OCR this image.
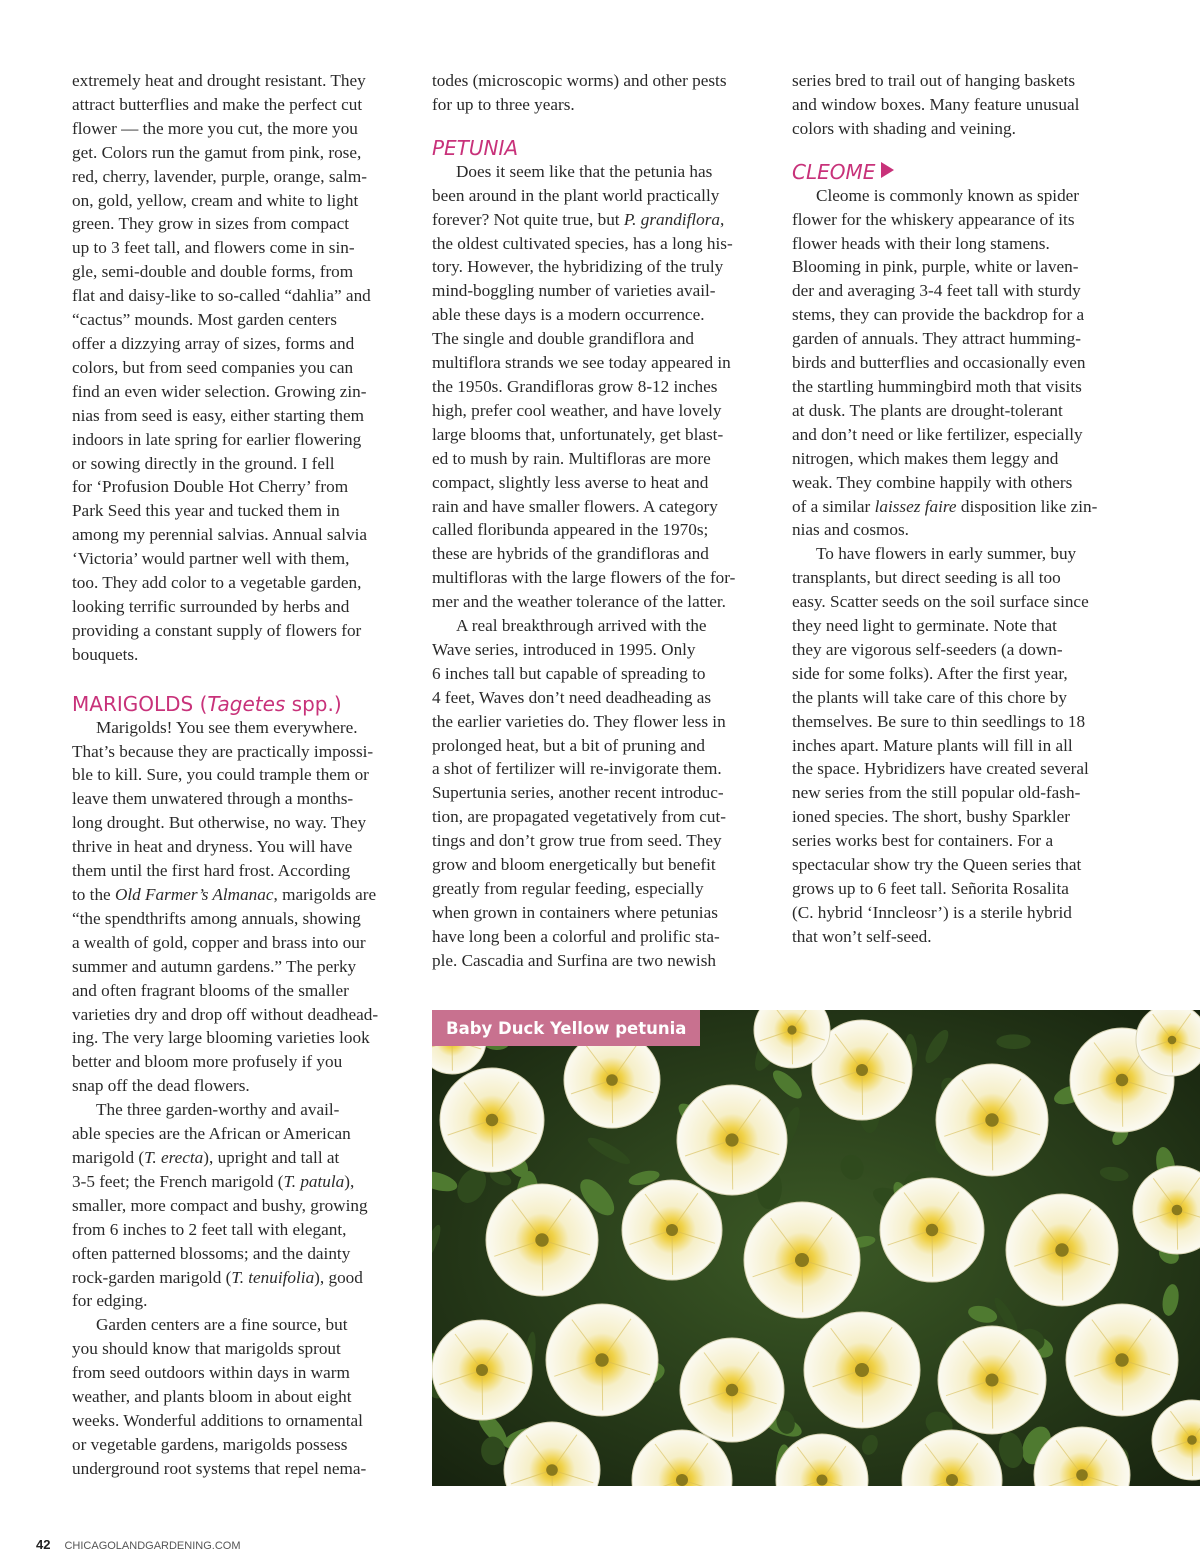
extremely heat and drought resistant. They
attract butterflies and make the perfect cut
flower — the more you cut, the more you
get. Colors run the gamut from pink, rose,
red, cherry, lavender, purple, orange, salm-
on, gold, yellow, cream and white to light
green. They grow in sizes from compact
up to 3 feet tall, and flowers come in sin-
gle, semi-double and double forms, from
flat and daisy-like to so-called “dahlia” and
“cactus” mounds. Most garden centers
offer a dizzying array of sizes, forms and
colors, but from seed companies you can
find an even wider selection. Growing zin-
nias from seed is easy, either starting them
indoors in late spring for earlier flowering
or sowing directly in the ground. I fell
for ‘Profusion Double Hot Cherry’ from
Park Seed this year and tucked them in
among my perennial salvias. Annual salvia
‘Victoria’ would partner well with them,
too. They add color to a vegetable garden,
looking terrific surrounded by herbs and
providing a constant supply of flowers for
bouquets.
MARIGOLDS (Tagetes spp.)
Marigolds! You see them everywhere.
That’s because they are practically impossi-
ble to kill. Sure, you could trample them or
leave them unwatered through a months-
long drought. But otherwise, no way. They
thrive in heat and dryness. You will have
them until the first hard frost. According
to the Old Farmer’s Almanac, marigolds are
“the spendthrifts among annuals, showing
a wealth of gold, copper and brass into our
summer and autumn gardens.” The perky
and often fragrant blooms of the smaller
varieties dry and drop off without deadhead-
ing. The very large blooming varieties look
better and bloom more profusely if you
snap off the dead flowers.
The three garden-worthy and avail-
able species are the African or American
marigold (T. erecta), upright and tall at
3-5 feet; the French marigold (T. patula),
smaller, more compact and bushy, growing
from 6 inches to 2 feet tall with elegant,
often patterned blossoms; and the dainty
rock-garden marigold (T. tenuifolia), good
for edging.
Garden centers are a fine source, but
you should know that marigolds sprout
from seed outdoors within days in warm
weather, and plants bloom in about eight
weeks. Wonderful additions to ornamental
or vegetable gardens, marigolds possess
underground root systems that repel nema-
todes (microscopic worms) and other pests
for up to three years.
PETUNIA
Does it seem like that the petunia has
been around in the plant world practically
forever? Not quite true, but P. grandiflora,
the oldest cultivated species, has a long his-
tory. However, the hybridizing of the truly
mind-boggling number of varieties avail-
able these days is a modern occurrence.
The single and double grandiflora and
multiflora strands we see today appeared in
the 1950s. Grandifloras grow 8-12 inches
high, prefer cool weather, and have lovely
large blooms that, unfortunately, get blast-
ed to mush by rain. Multifloras are more
compact, slightly less averse to heat and
rain and have smaller flowers. A category
called floribunda appeared in the 1970s;
these are hybrids of the grandifloras and
multifloras with the large flowers of the for-
mer and the weather tolerance of the latter.
A real breakthrough arrived with the
Wave series, introduced in 1995. Only
6 inches tall but capable of spreading to
4 feet, Waves don’t need deadheading as
the earlier varieties do. They flower less in
prolonged heat, but a bit of pruning and
a shot of fertilizer will re-invigorate them.
Supertunia series, another recent introduc-
tion, are propagated vegetatively from cut-
tings and don’t grow true from seed. They
grow and bloom energetically but benefit
greatly from regular feeding, especially
when grown in containers where petunias
have long been a colorful and prolific sta-
ple. Cascadia and Surfina are two newish
series bred to trail out of hanging baskets
and window boxes. Many feature unusual
colors with shading and veining.
CLEOME
Cleome is commonly known as spider
flower for the whiskery appearance of its
flower heads with their long stamens.
Blooming in pink, purple, white or laven-
der and averaging 3-4 feet tall with sturdy
stems, they can provide the backdrop for a
garden of annuals. They attract humming-
birds and butterflies and occasionally even
the startling hummingbird moth that visits
at dusk. The plants are drought-tolerant
and don’t need or like fertilizer, especially
nitrogen, which makes them leggy and
weak. They combine happily with others
of a similar laissez faire disposition like zin-
nias and cosmos.
To have flowers in early summer, buy
transplants, but direct seeding is all too
easy. Scatter seeds on the soil surface since
they need light to germinate. Note that
they are vigorous self-seeders (a down-
side for some folks). After the first year,
the plants will take care of this chore by
themselves. Be sure to thin seedlings to 18
inches apart. Mature plants will fill in all
the space. Hybridizers have created several
new series from the still popular old-fash-
ioned species. The short, bushy Sparkler
series works best for containers. For a
spectacular show try the Queen series that
grows up to 6 feet tall. Señorita Rosalita
(C. hybrid ‘Inncleosr’) is a sterile hybrid
that won’t self-seed.
Baby Duck Yellow petunia
42 CHICAGOLANDGARDENING.COM
